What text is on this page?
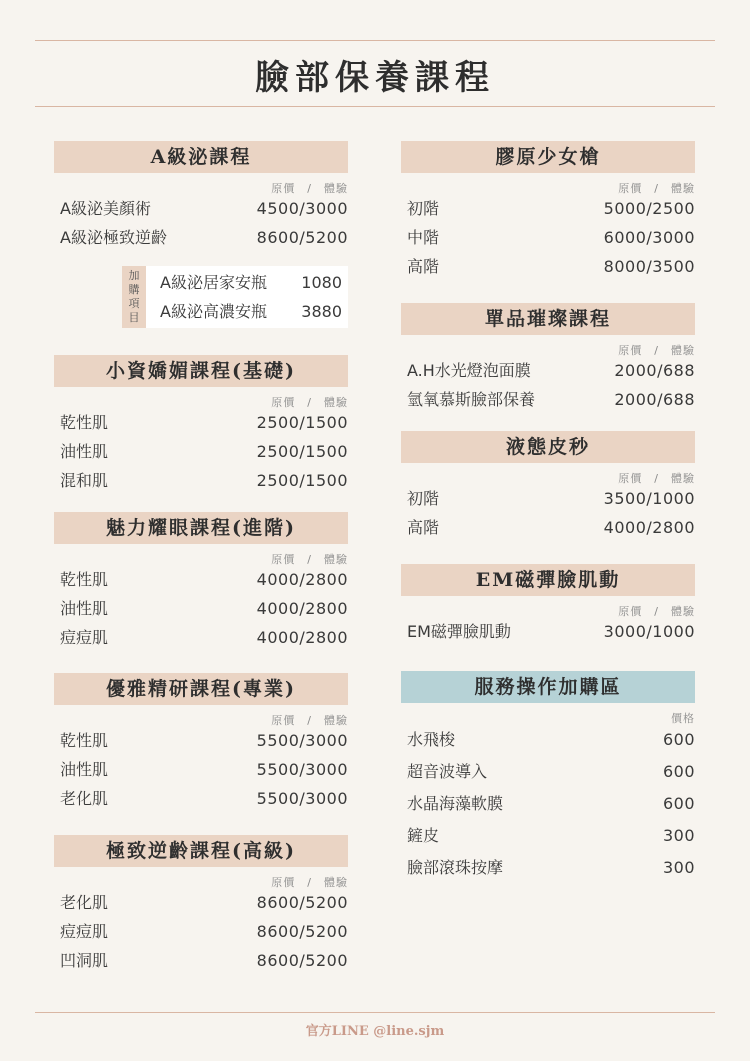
臉部保養課程
A級泌課程
原價　/　體驗
A級泌美顏術	4500/3000
A級泌極致逆齡	8600/5200
加
購
項
目
A級泌居家安瓶 1080
A級泌高濃安瓶 3880
小資嬌媚課程(基礎)
原價　/　體驗
乾性肌	2500/1500
油性肌	2500/1500
混和肌	2500/1500
魅力耀眼課程(進階)
原價　/　體驗
乾性肌	4000/2800
油性肌	4000/2800
痘痘肌	4000/2800
優雅精研課程(專業)
原價　/　體驗
乾性肌	5500/3000
油性肌	5500/3000
老化肌	5500/3000
極致逆齡課程(高級)
原價　/　體驗
老化肌	8600/5200
痘痘肌	8600/5200
凹洞肌	8600/5200
膠原少女槍
原價　/　體驗
初階	5000/2500
中階	6000/3000
高階	8000/3500
單品璀璨課程
原價　/　體驗
A.H水光燈泡面膜	2000/688
氫氧慕斯臉部保養	2000/688
液態皮秒
原價　/　體驗
初階	3500/1000
高階	4000/2800
EM磁彈臉肌動
原價　/　體驗
EM磁彈臉肌動	3000/1000
服務操作加購區
價格
水飛梭	600
超音波導入	600
水晶海藻軟膜	600
鏟皮	300
臉部滾珠按摩	300
官方LINE @line.sjm
